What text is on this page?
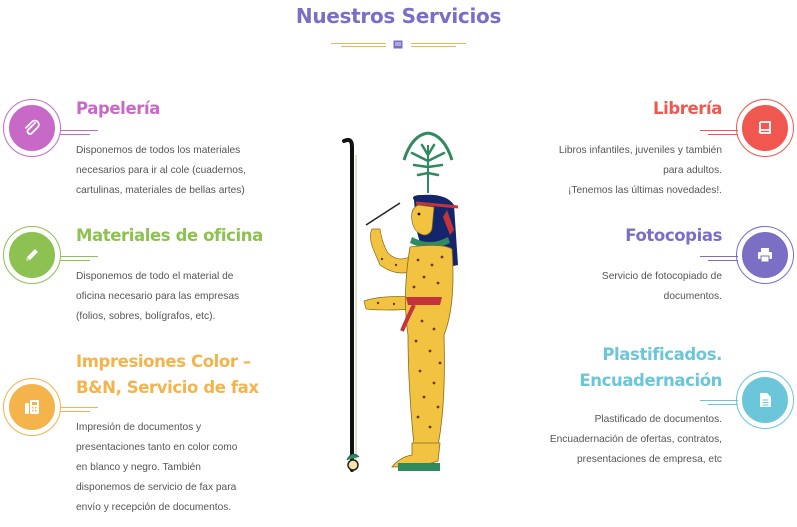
Nuestros Servicios
Papelería

Disponemos de todos los materiales
necesarios para ir al cole (cuadernos,
cartulinas, materiales de bellas artes)

Materiales de oficina

Disponemos de todo el material de
oficina necesario para las empresas
(folios, sobres, bolígrafos, etc).

Impresiones Color –
B&N, Servicio de fax

Impresión de documentos y
presentaciones tanto en color como
en blanco y negro. También
disponemos de servicio de fax para
envío y recepción de documentos.

Librería

Libros infantiles, juveniles y también
para adultos.
¡Tenemos las últimas novedades!.

Fotocopias

Servicio de fotocopiado de
documentos.

Plastificados.
Encuadernación

Plastificado de documentos.
Encuadernación de ofertas, contratos,
presentaciones de empresa, etc
